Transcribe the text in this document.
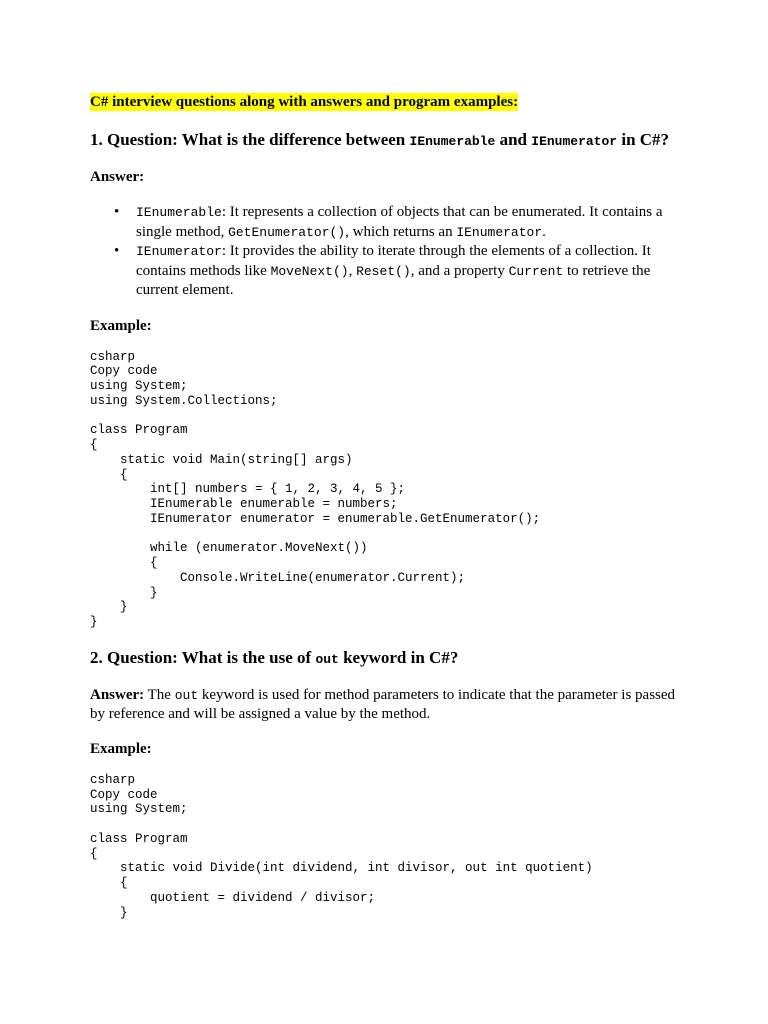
C# interview questions along with answers and program examples:
1. Question: What is the difference between IEnumerable and IEnumerator in C#?

Answer:

• IEnumerable: It represents a collection of objects that can be enumerated. It contains a single method, GetEnumerator(), which returns an IEnumerator.
• IEnumerator: It provides the ability to iterate through the elements of a collection. It contains methods like MoveNext(), Reset(), and a property Current to retrieve the current element.

Example:

csharp
Copy code
using System;
using System.Collections;

class Program
{
static void Main(string[] args)
{
int[] numbers = { 1, 2, 3, 4, 5 };
IEnumerable enumerable = numbers;
IEnumerator enumerator = enumerable.GetEnumerator();

while (enumerator.MoveNext())
{
Console.WriteLine(enumerator.Current);
}
}
}
2. Question: What is the use of out keyword in C#?

Answer: The out keyword is used for method parameters to indicate that the parameter is passed by reference and will be assigned a value by the method.

Example:

csharp
Copy code
using System;

class Program
{
static void Divide(int dividend, int divisor, out int quotient)
{
quotient = dividend / divisor;
}
